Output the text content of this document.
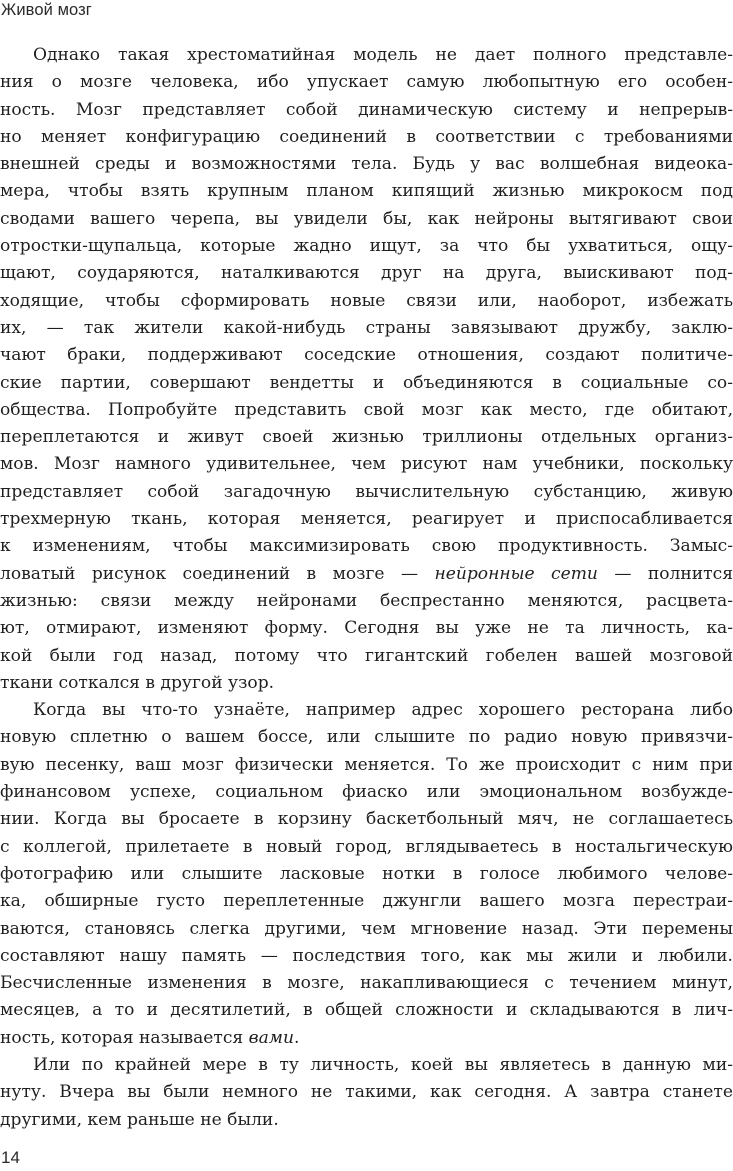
Живой мозг
Однако такая хрестоматийная модель не дает полного представле-
ния о мозге человека, ибо упускает самую любопытную его особен-
ность. Мозг представляет собой динамическую систему и непрерыв-
но меняет конфигурацию соединений в соответствии с требованиями
внешней среды и возможностями тела. Будь у вас волшебная видеока-
мера, чтобы взять крупным планом кипящий жизнью микрокосм под
сводами вашего черепа, вы увидели бы, как нейроны вытягивают свои
отростки-щупальца, которые жадно ищут, за что бы ухватиться, ощу-
щают, соударяются, наталкиваются друг на друга, выискивают под-
ходящие, чтобы сформировать новые связи или, наоборот, избежать
их, — так жители какой-нибудь страны завязывают дружбу, заклю-
чают браки, поддерживают соседские отношения, создают политиче-
ские партии, совершают вендетты и объединяются в социальные со-
общества. Попробуйте представить свой мозг как место, где обитают,
переплетаются и живут своей жизнью триллионы отдельных организ-
мов. Мозг намного удивительнее, чем рисуют нам учебники, поскольку
представляет собой загадочную вычислительную субстанцию, живую
трехмерную ткань, которая меняется, реагирует и приспосабливается
к изменениям, чтобы максимизировать свою продуктивность. Замыс-
ловатый рисунок соединений в мозге — нейронные сети — полнится
жизнью: связи между нейронами беспрестанно меняются, расцвета-
ют, отмирают, изменяют форму. Сегодня вы уже не та личность, ка-
кой были год назад, потому что гигантский гобелен вашей мозговой
ткани соткался в другой узор.
Когда вы что-то узнаёте, например адрес хорошего ресторана либо
новую сплетню о вашем боссе, или слышите по радио новую привязчи-
вую песенку, ваш мозг физически меняется. То же происходит с ним при
финансовом успехе, социальном фиаско или эмоциональном возбужде-
нии. Когда вы бросаете в корзину баскетбольный мяч, не соглашаетесь
с коллегой, прилетаете в новый город, вглядываетесь в ностальгическую
фотографию или слышите ласковые нотки в голосе любимого челове-
ка, обширные густо переплетенные джунгли вашего мозга перестраи-
ваются, становясь слегка другими, чем мгновение назад. Эти перемены
составляют нашу память — последствия того, как мы жили и любили.
Бесчисленные изменения в мозге, накапливающиеся с течением минут,
месяцев, а то и десятилетий, в общей сложности и складываются в лич-
ность, которая называется вами.
Или по крайней мере в ту личность, коей вы являетесь в данную ми-
нуту. Вчера вы были немного не такими, как сегодня. А завтра станете
другими, кем раньше не были.
14
